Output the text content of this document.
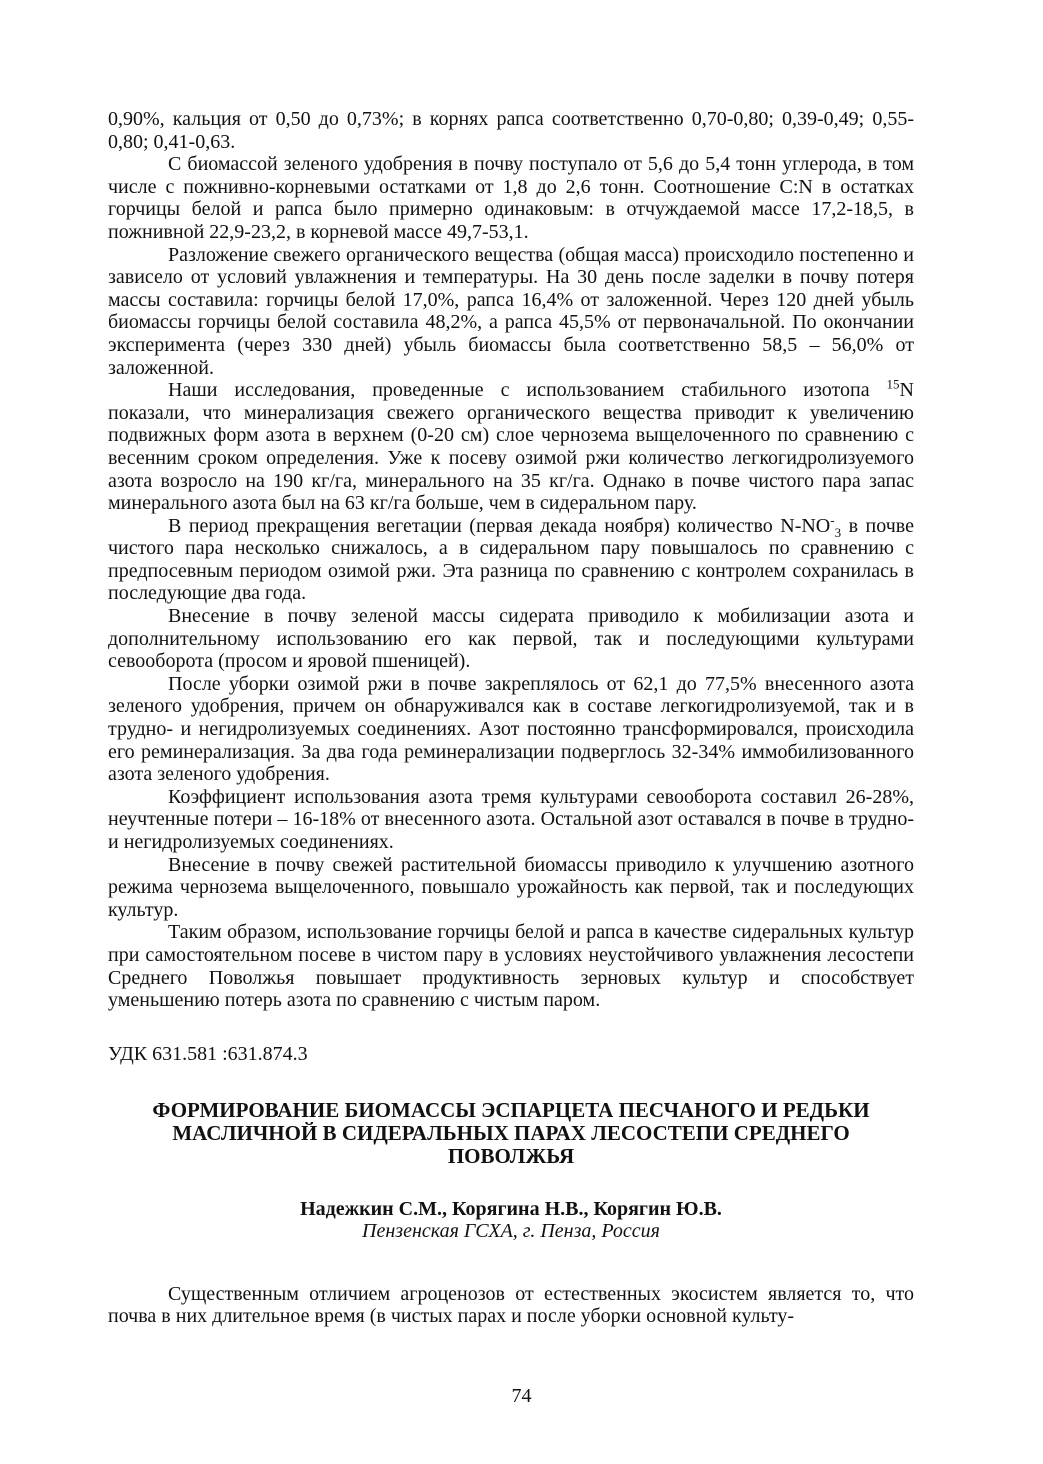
0,90%, кальция от 0,50 до 0,73%; в корнях рапса соответственно 0,70-0,80; 0,39-0,49; 0,55-0,80; 0,41-0,63.

С биомассой зеленого удобрения в почву поступало от 5,6 до 5,4 тонн углерода, в том числе с пожнивно-корневыми остатками от 1,8 до 2,6 тонн. Соотношение C:N в остатках горчицы белой и рапса было примерно одинаковым: в отчуждаемой массе 17,2-18,5, в пожнивной 22,9-23,2, в корневой массе 49,7-53,1.

Разложение свежего органического вещества (общая масса) происходило постепенно и зависело от условий увлажнения и температуры. На 30 день после заделки в почву потеря массы составила: горчицы белой 17,0%, рапса 16,4% от заложенной. Через 120 дней убыль биомассы горчицы белой составила 48,2%, а рапса 45,5% от первоначальной. По окончании эксперимента (через 330 дней) убыль биомассы была соответственно 58,5 – 56,0% от заложенной.

Наши исследования, проведенные с использованием стабильного изотопа $^{15}$N показали, что минерализация свежего органического вещества приводит к увеличению подвижных форм азота в верхнем (0-20 см) слое чернозема выщелоченного по сравнению с весенним сроком определения. Уже к посеву озимой ржи количество легкогидролизуемого азота возросло на 190 кг/га, минерального на 35 кг/га. Однако в почве чистого пара запас минерального азота был на 63 кг/га больше, чем в сидеральном пару.

В период прекращения вегетации (первая декада ноября) количество $N-NO^-_3$ в почве чистого пара несколько снижалось, а в сидеральном пару повышалось по сравнению с предпосевным периодом озимой ржи. Эта разница по сравнению с контролем сохранилась в последующие два года.

Внесение в почву зеленой массы сидерата приводило к мобилизации азота и дополнительному использованию его как первой, так и последующими культурами севооборота (просом и яровой пшеницей).

После уборки озимой ржи в почве закреплялось от 62,1 до 77,5% внесенного азота зеленого удобрения, причем он обнаруживался как в составе легкогидролизуемой, так и в трудно- и негидролизуемых соединениях. Азот постоянно трансформировался, происходила его реминерализация. За два года реминерализации подверглось 32-34% иммобилизованного азота зеленого удобрения.

Коэффициент использования азота тремя культурами севооборота составил 26-28%, неучтенные потери – 16-18% от внесенного азота. Остальной азот оставался в почве в трудно- и негидролизуемых соединениях.

Внесение в почву свежей растительной биомассы приводило к улучшению азотного режима чернозема выщелоченного, повышало урожайность как первой, так и последующих культур.

Таким образом, использование горчицы белой и рапса в качестве сидеральных культур при самостоятельном посеве в чистом пару в условиях неустойчивого увлажнения лесостепи Среднего Поволжья повышает продуктивность зерновых культур и способствует уменьшению потерь азота по сравнению с чистым паром.

УДК 631.581 :631.874.3

ФОРМИРОВАНИЕ БИОМАССЫ ЭСПАРЦЕТА ПЕСЧАНОГО И РЕДЬКИ МАСЛИЧНОЙ В СИДЕРАЛЬНЫХ ПАРАХ ЛЕСОСТЕПИ СРЕДНЕГО ПОВОЛЖЬЯ

Надежкин С.М., Корягина Н.В., Корягин Ю.В.

Пензенская ГСХА, г. Пенза, Россия

Существенным отличием агроценозов от естественных экосистем является то, что почва в них длительное время (в чистых парах и после уборки основной культу-

74
